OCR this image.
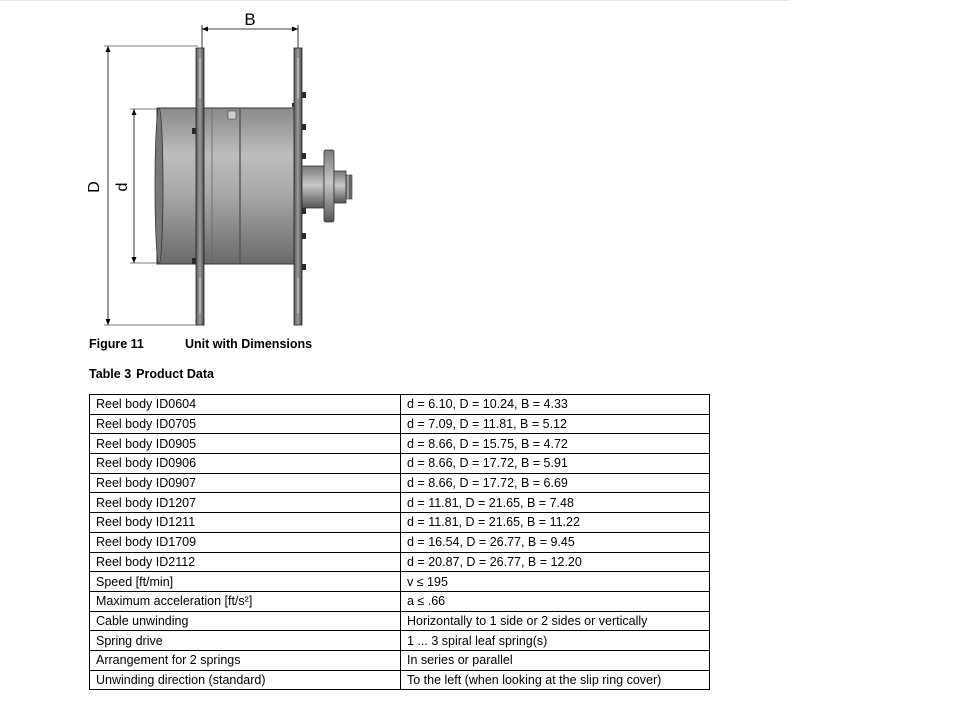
B
D d
Figure 11	Unit with Dimensions
Table 3 Product Data
Reel body ID0604	d = 6.10, D = 10.24, B = 4.33
Reel body ID0705	d = 7.09, D = 11.81, B = 5.12
Reel body ID0905	d = 8.66, D = 15.75, B = 4.72
Reel body ID0906	d = 8.66, D = 17.72, B = 5.91
Reel body ID0907	d = 8.66, D = 17.72, B = 6.69
Reel body ID1207	d = 11.81, D = 21.65, B = 7.48
Reel body ID1211	d = 11.81, D = 21.65, B = 11.22
Reel body ID1709	d = 16.54, D = 26.77, B = 9.45
Reel body ID2112	d = 20.87, D = 26.77, B = 12.20
Speed [ft/min]	v ≤ 195
Maximum acceleration [ft/s²]	a ≤ .66
Cable unwinding	Horizontally to 1 side or 2 sides or vertically
Spring drive	1 ... 3 spiral leaf spring(s)
Arrangement for 2 springs	In series or parallel
Unwinding direction (standard)	To the left (when looking at the slip ring cover)
